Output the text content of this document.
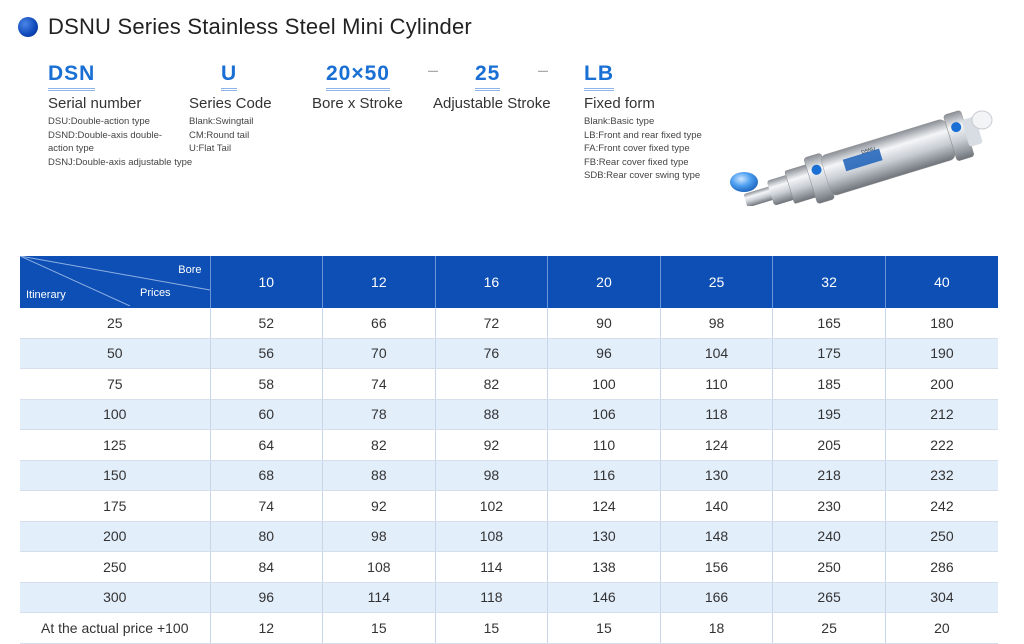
DSNU Series Stainless Steel Mini Cylinder
DSN
Serial number
DSU:Double-action type
DSND:Double-axis double-
action type
DSNJ:Double-axis adjustable type
U
Series Code
Blank:Swingtail
CM:Round tail
U:Flat Tail
20×50
Bore x Stroke
–	25
Adjustable Stroke
– LB
Fixed form
Blank:Basic type
LB:Front and rear fixed type
FA:Front cover fixed type
FB:Rear cover fixed type
SDB:Rear cover swing type
DSNU
Bore
Prices
Itinerary	10	12	16	20	25	32	40
25	52	66	72	90	98	165	180
50	56	70	76	96	104	175	190
75	58	74	82	100	110	185	200
100	60	78	88	106	118	195	212
125	64	82	92	110	124	205	222
150	68	88	98	116	130	218	232
175	74	92	102	124	140	230	242
200	80	98	108	130	148	240	250
250	84	108	114	138	156	250	286
300	96	114	118	146	166	265	304
At the actual price +100	12	15	15	15	18	25	20
